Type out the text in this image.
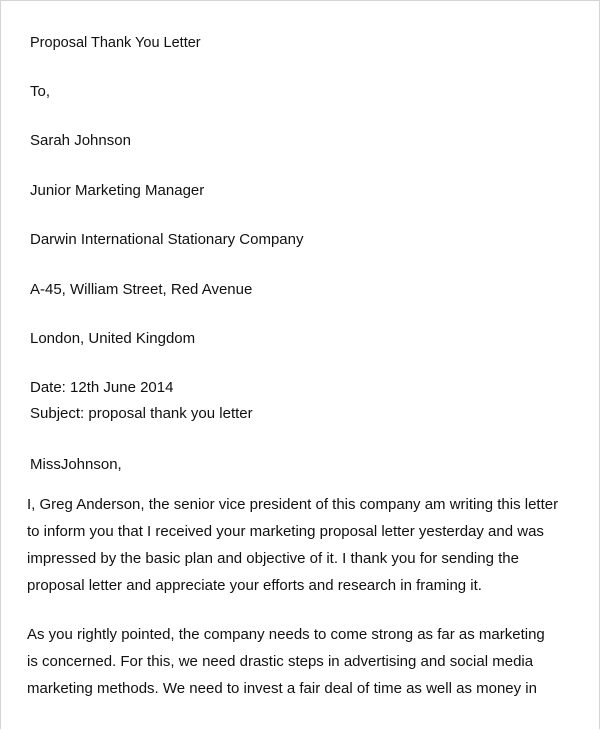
Proposal Thank You Letter

To,

Sarah Johnson

Junior Marketing Manager

Darwin International Stationary Company

A-45, William Street, Red Avenue

London, United Kingdom

Date: 12th June 2014

Subject: proposal thank you letter

MissJohnson,

I, Greg Anderson, the senior vice president of this company am writing this letter
to inform you that I received your marketing proposal letter yesterday and was
impressed by the basic plan and objective of it. I thank you for sending the
proposal letter and appreciate your efforts and research in framing it.
As you rightly pointed, the company needs to come strong as far as marketing
is concerned. For this, we need drastic steps in advertising and social media
marketing methods. We need to invest a fair deal of time as well as money in
